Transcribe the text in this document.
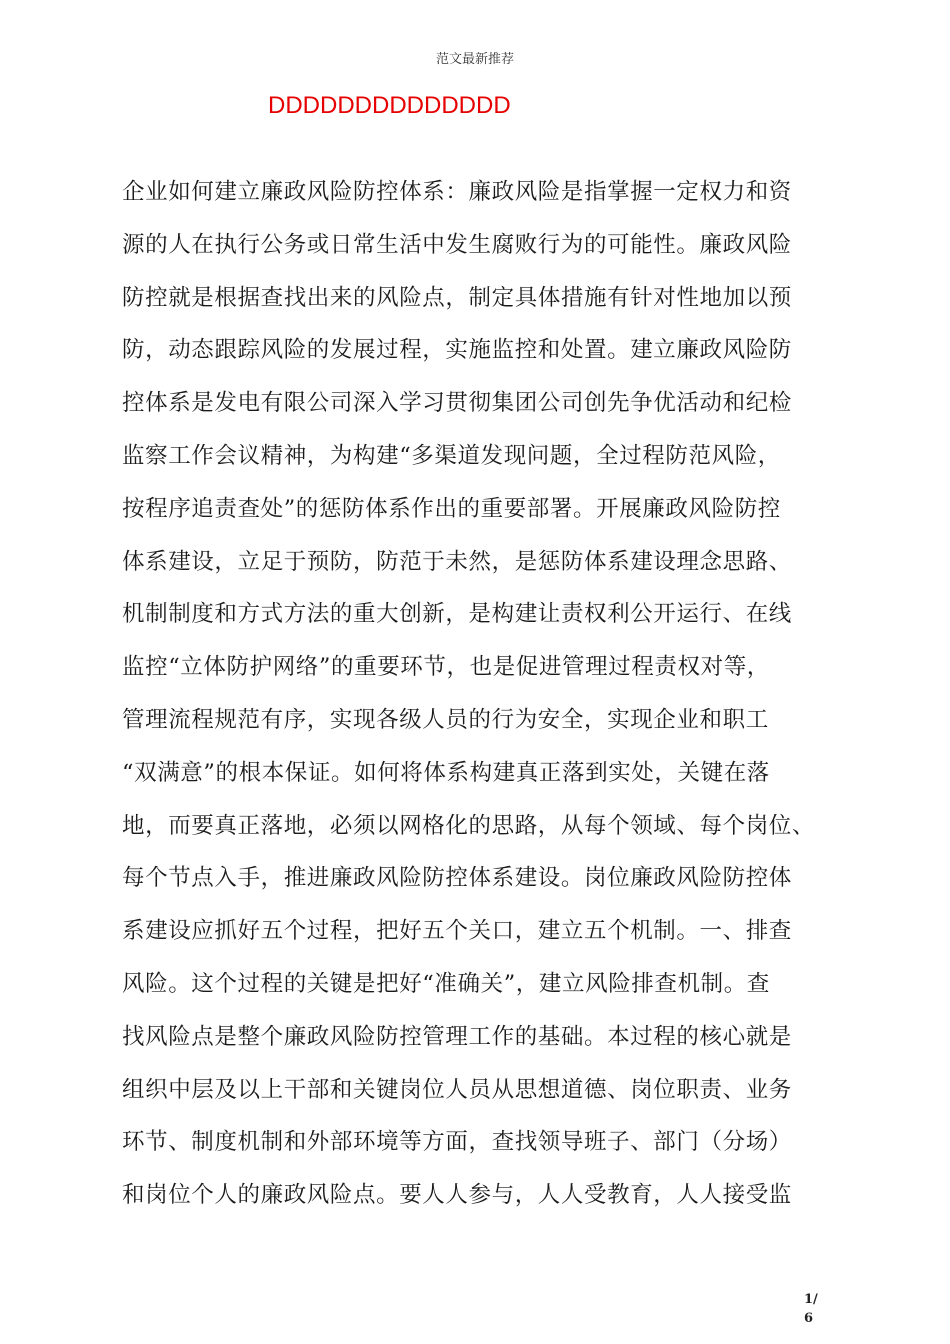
范文最新推荐
DDDDDDDDDDDDDD
企业如何建立廉政风险防控体系：廉政风险是指掌握一定权力和资
源的人在执行公务或日常生活中发生腐败行为的可能性。廉政风险
防控就是根据查找出来的风险点，制定具体措施有针对性地加以预
防，动态跟踪风险的发展过程，实施监控和处置。建立廉政风险防
控体系是发电有限公司深入学习贯彻集团公司创先争优活动和纪检
监察工作会议精神，为构建“多渠道发现问题，全过程防范风险，
按程序追责查处”的惩防体系作出的重要部署。开展廉政风险防控
体系建设，立足于预防，防范于未然，是惩防体系建设理念思路、
机制制度和方式方法的重大创新，是构建让责权利公开运行、在线
监控“立体防护网络”的重要环节，也是促进管理过程责权对等，
管理流程规范有序，实现各级人员的行为安全，实现企业和职工
“双满意”的根本保证。如何将体系构建真正落到实处，关键在落
地，而要真正落地，必须以网格化的思路，从每个领域、每个岗位、
每个节点入手，推进廉政风险防控体系建设。岗位廉政风险防控体
系建设应抓好五个过程，把好五个关口，建立五个机制。一、排查
风险。这个过程的关键是把好“准确关”，建立风险排查机制。查
找风险点是整个廉政风险防控管理工作的基础。本过程的核心就是
组织中层及以上干部和关键岗位人员从思想道德、岗位职责、业务
环节、制度机制和外部环境等方面，查找领导班子、部门（分场）
和岗位个人的廉政风险点。要人人参与，人人受教育，人人接受监
1/
6
